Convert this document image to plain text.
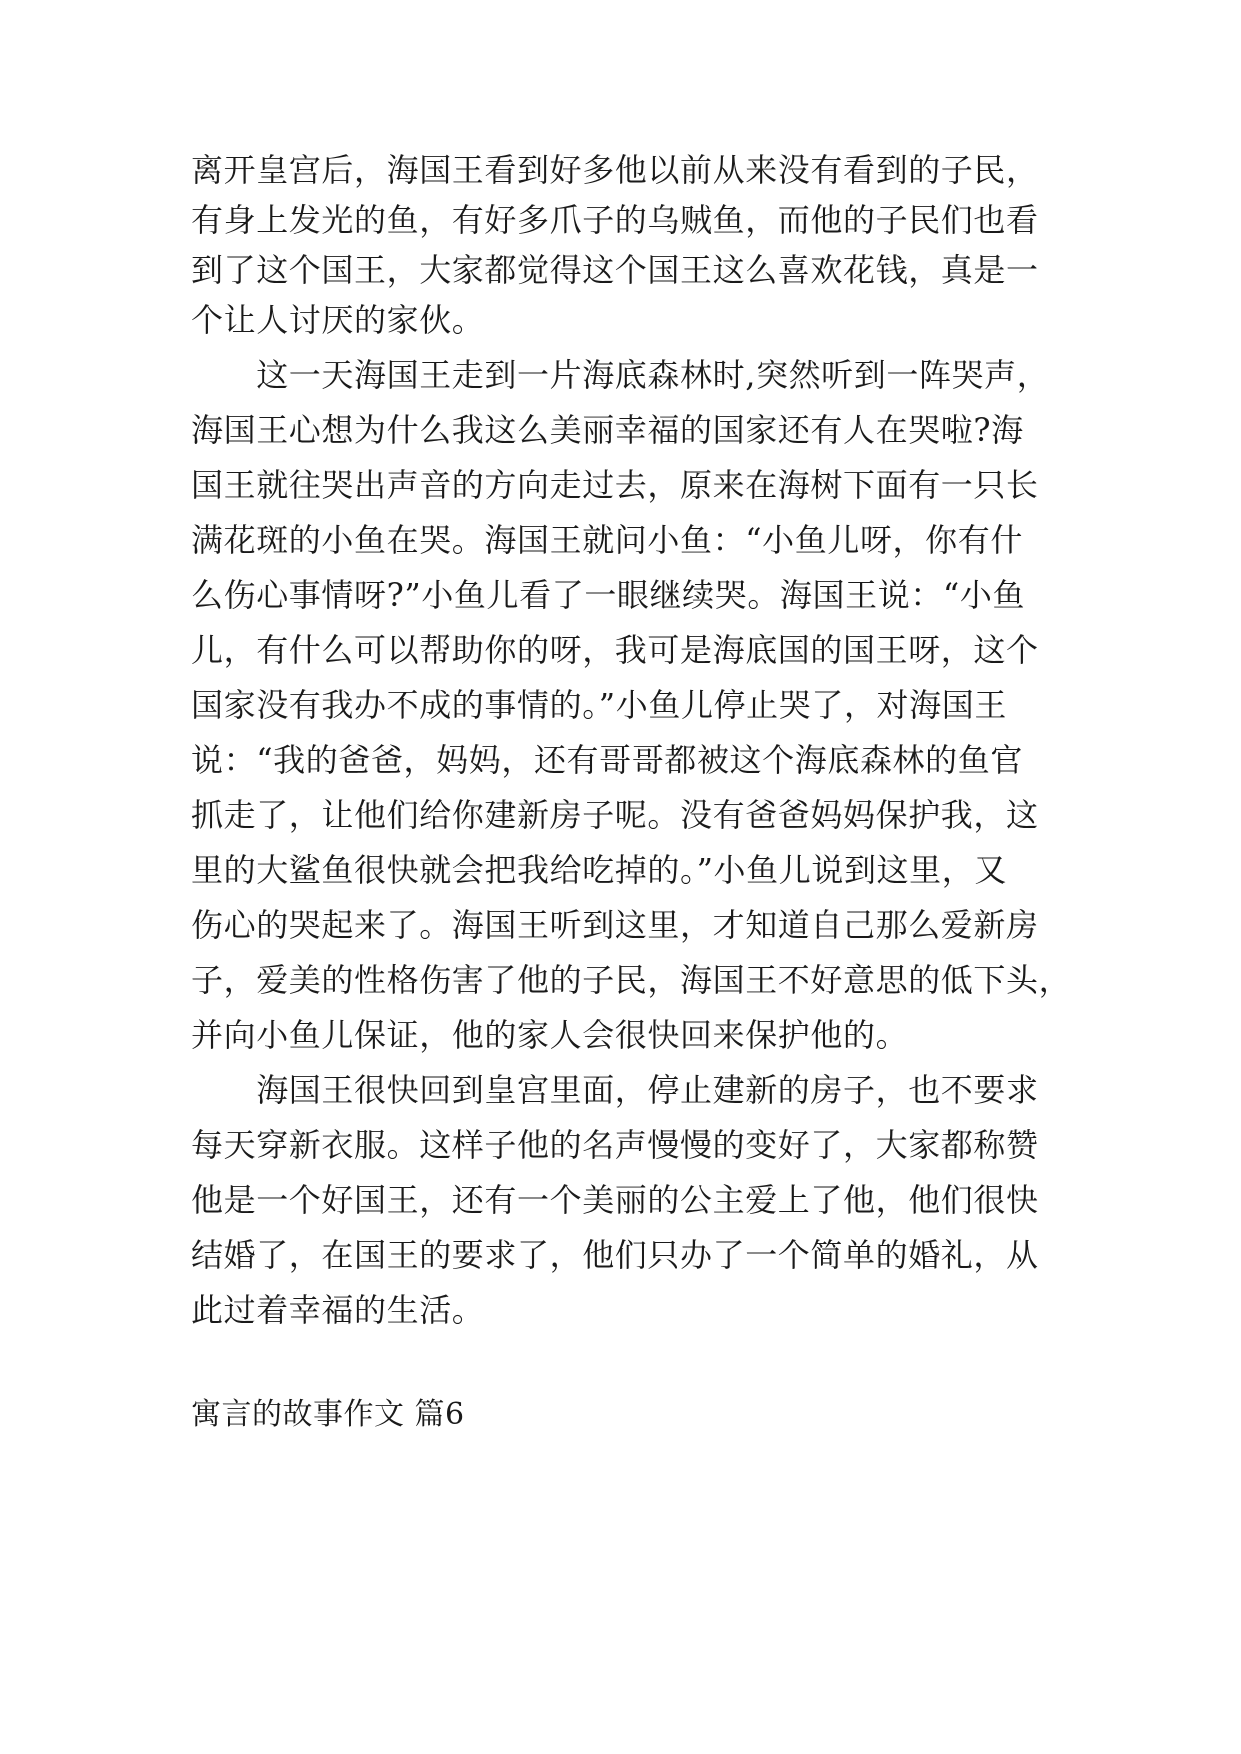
离开皇宫后，海国王看到好多他以前从来没有看到的子民，
有身上发光的鱼，有好多爪子的乌贼鱼，而他的子民们也看
到了这个国王，大家都觉得这个国王这么喜欢花钱，真是一
个让人讨厌的家伙。
　　这一天海国王走到一片海底森林时,突然听到一阵哭声，
海国王心想为什么我这么美丽幸福的国家还有人在哭啦?海
国王就往哭出声音的方向走过去，原来在海树下面有一只长
满花斑的小鱼在哭。海国王就问小鱼：“小鱼儿呀，你有什
么伤心事情呀?”小鱼儿看了一眼继续哭。海国王说：“小鱼
儿，有什么可以帮助你的呀，我可是海底国的国王呀，这个
国家没有我办不成的事情的。”小鱼儿停止哭了，对海国王
说：“我的爸爸，妈妈，还有哥哥都被这个海底森林的鱼官
抓走了，让他们给你建新房子呢。没有爸爸妈妈保护我，这
里的大鲨鱼很快就会把我给吃掉的。”小鱼儿说到这里，又
伤心的哭起来了。海国王听到这里，才知道自己那么爱新房
子，爱美的性格伤害了他的子民，海国王不好意思的低下头，
并向小鱼儿保证，他的家人会很快回来保护他的。
　　海国王很快回到皇宫里面，停止建新的房子，也不要求
每天穿新衣服。这样子他的名声慢慢的变好了，大家都称赞
他是一个好国王，还有一个美丽的公主爱上了他，他们很快
结婚了，在国王的要求了，他们只办了一个简单的婚礼，从
此过着幸福的生活。
寓言的故事作文 篇6
